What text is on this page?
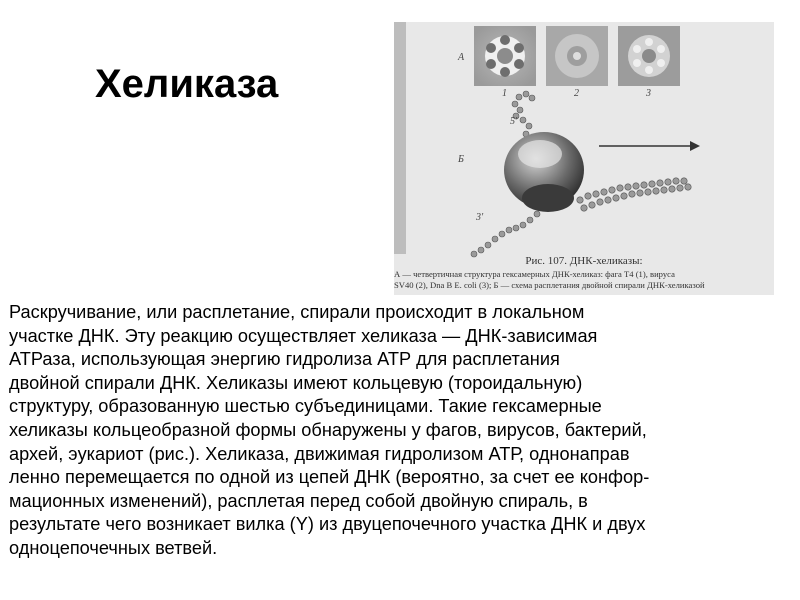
Хеликаза
А
Б
1	2	3
5′
3′
Рис. 107. ДНК-хеликазы:
А — четвертичная структура гексамерных ДНК-хеликаз: фага Т4 (1), вируса
SV40 (2), Dna B E. coli (3); Б — схема расплетания двойной спирали ДНК-хеликазой
Раскручивание, или расплетание, спирали происходит в локальном
участке ДНК. Эту реакцию осуществляет хеликаза — ДНК-зависимая
АТРаза, использующая энергию гидролиза АТР для расплетания
двойной спирали ДНК. Хеликазы имеют кольцевую (тороидальную)
структуру, образованную шестью субъединицами. Такие гексамерные
хеликазы кольцеобразной формы обнаружены у фагов, вирусов, бактерий,
архей, эукариот (рис.). Хеликаза, движимая гидролизом АТР, однонаправ
ленно перемещается по одной из цепей ДНК (вероятно, за счет ее конфор-
мационных изменений), расплетая перед собой двойную спираль, в
результате чего возникает вилка (Y) из двуцепочечного участка ДНК и двух
одноцепочечных ветвей.
